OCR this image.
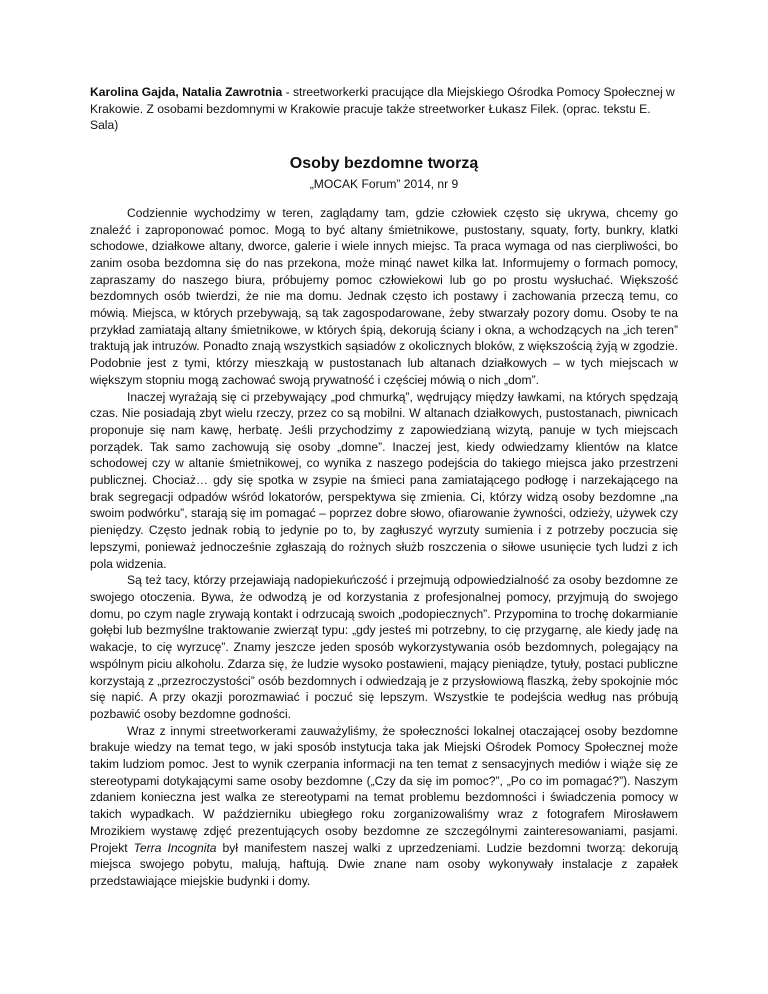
Karolina Gajda, Natalia Zawrotnia - streetworkerki pracujące dla Miejskiego Ośrodka Pomocy Społecznej w Krakowie. Z osobami bezdomnymi w Krakowie pracuje także streetworker Łukasz Filek. (oprac. tekstu E. Sala)

Osoby bezdomne tworzą

„MOCAK Forum” 2014, nr 9

Codziennie wychodzimy w teren, zaglądamy tam, gdzie człowiek często się ukrywa, chcemy go znaleźć i zaproponować pomoc. Mogą to być altany śmietnikowe, pustostany, squaty, forty, bunkry, klatki schodowe, działkowe altany, dworce, galerie i wiele innych miejsc. Ta praca wymaga od nas cierpliwości, bo zanim osoba bezdomna się do nas przekona, może minąć nawet kilka lat. Informujemy o formach pomocy, zapraszamy do naszego biura, próbujemy pomoc człowiekowi lub go po prostu wysłuchać. Większość bezdomnych osób twierdzi, że nie ma domu. Jednak często ich postawy i zachowania przeczą temu, co mówią. Miejsca, w których przebywają, są tak zagospodarowane, żeby stwarzały pozory domu. Osoby te na przykład zamiatają altany śmietnikowe, w których śpią, dekorują ściany i okna, a wchodzących na „ich teren” traktują jak intruzów. Ponadto znają wszystkich sąsiadów z okolicznych bloków, z większością żyją w zgodzie. Podobnie jest z tymi, którzy mieszkają w pustostanach lub altanach działkowych – w tych miejscach w większym stopniu mogą zachować swoją prywatność i częściej mówią o nich „dom”.

Inaczej wyrażają się ci przebywający „pod chmurką”, wędrujący między ławkami, na których spędzają czas. Nie posiadają zbyt wielu rzeczy, przez co są mobilni. W altanach działkowych, pustostanach, piwnicach proponuje się nam kawę, herbatę. Jeśli przychodzimy z zapowiedzianą wizytą, panuje w tych miejscach porządek. Tak samo zachowują się osoby „domne”. Inaczej jest, kiedy odwiedzamy klientów na klatce schodowej czy w altanie śmietnikowej, co wynika z naszego podejścia do takiego miejsca jako przestrzeni publicznej. Chociaż… gdy się spotka w zsypie na śmieci pana zamiatającego podłogę i narzekającego na brak segregacji odpadów wśród lokatorów, perspektywa się zmienia. Ci, którzy widzą osoby bezdomne „na swoim podwórku”, starają się im pomagać – poprzez dobre słowo, ofiarowanie żywności, odzieży, używek czy pieniędzy. Często jednak robią to jedynie po to, by zagłuszyć wyrzuty sumienia i z potrzeby poczucia się lepszymi, ponieważ jednocześnie zgłaszają do rożnych służb roszczenia o siłowe usunięcie tych ludzi z ich pola widzenia.

Są też tacy, którzy przejawiają nadopiekuńczość i przejmują odpowiedzialność za osoby bezdomne ze swojego otoczenia. Bywa, że odwodzą je od korzystania z profesjonalnej pomocy, przyjmują do swojego domu, po czym nagle zrywają kontakt i odrzucają swoich „podopiecznych”. Przypomina to trochę dokarmianie gołębi lub bezmyślne traktowanie zwierząt typu: „gdy jesteś mi potrzebny, to cię przygarnę, ale kiedy jadę na wakacje, to cię wyrzucę”. Znamy jeszcze jeden sposób wykorzystywania osób bezdomnych, polegający na wspólnym piciu alkoholu. Zdarza się, że ludzie wysoko postawieni, mający pieniądze, tytuły, postaci publiczne korzystają z „przezroczystości” osób bezdomnych i odwiedzają je z przysłowiową flaszką, żeby spokojnie móc się napić. A przy okazji porozmawiać i poczuć się lepszym. Wszystkie te podejścia według nas próbują pozbawić osoby bezdomne godności.

Wraz z innymi streetworkerami zauważyliśmy, że społeczności lokalnej otaczającej osoby bezdomne brakuje wiedzy na temat tego, w jaki sposób instytucja taka jak Miejski Ośrodek Pomocy Społecznej może takim ludziom pomoc. Jest to wynik czerpania informacji na ten temat z sensacyjnych mediów i wiąże się ze stereotypami dotykającymi same osoby bezdomne („Czy da się im pomoc?”, „Po co im pomagać?”). Naszym zdaniem konieczna jest walka ze stereotypami na temat problemu bezdomności i świadczenia pomocy w takich wypadkach. W październiku ubiegłego roku zorganizowaliśmy wraz z fotografem Mirosławem Mrozikiem wystawę zdjęć prezentujących osoby bezdomne ze szczególnymi zainteresowaniami, pasjami. Projekt Terra Incognita był manifestem naszej walki z uprzedzeniami. Ludzie bezdomni tworzą: dekorują miejsca swojego pobytu, malują, haftują. Dwie znane nam osoby wykonywały instalacje z zapałek przedstawiające miejskie budynki i domy.
